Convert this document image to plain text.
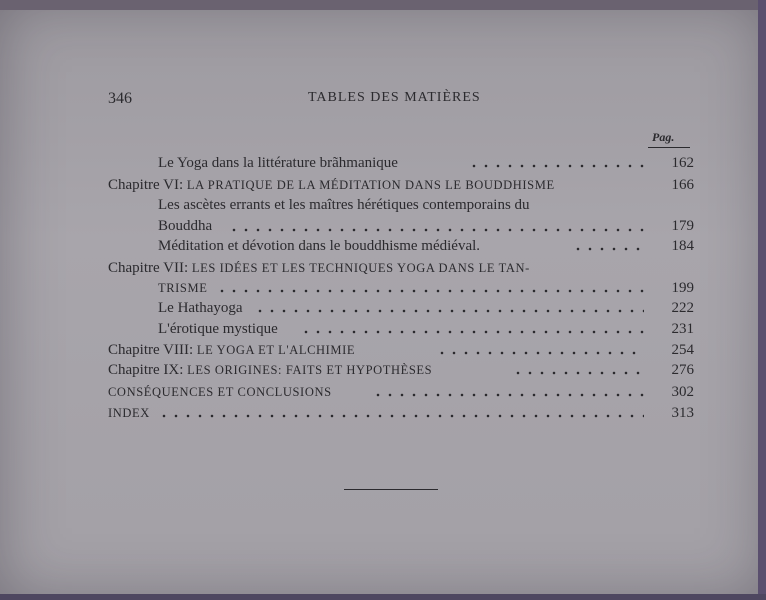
346	TABLES DES MATIÈRES
Pag.
Le Yoga dans la littérature brãhmanique	162
Chapitre VI: LA PRATIQUE DE LA MÉDITATION DANS LE BOUDDHISME	166
Les ascètes errants et les maîtres hérétiques contemporains du
Bouddha	179
Méditation et dévotion dans le bouddhisme médiéval.	184
Chapitre VII: LES IDÉES ET LES TECHNIQUES YOGA DANS LE TAN-
TRISME	199
Le Hathayoga	222
L'érotique mystique	231
Chapitre VIII: LE YOGA ET L'ALCHIMIE	254
Chapitre IX: LES ORIGINES: FAITS ET HYPOTHÈSES	276
CONSÉQUENCES ET CONCLUSIONS	302
INDEX	313
